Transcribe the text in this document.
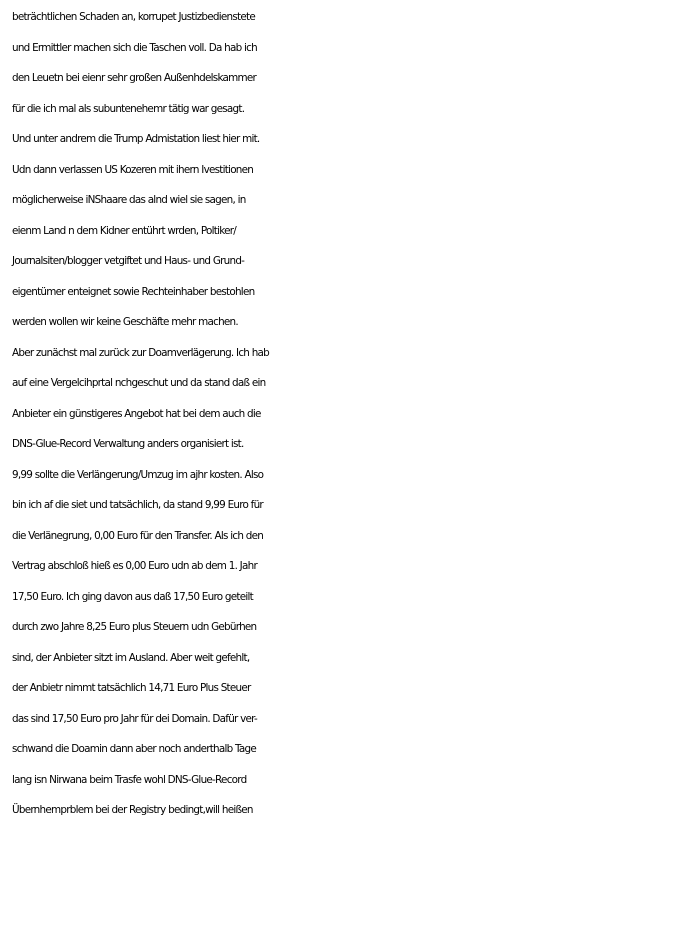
beträchtlichen Schaden an, korrupet Justizbedienstete
und Ermittler machen sich die Taschen voll. Da hab ich
den Leuetn bei eienr sehr großen Außenhdelskammer
für die ich mal als subuntenehemr tätig war gesagt.
Und unter andrem die Trump Admistation liest hier mit.
Udn dann verlassen US Kozeren mit ihern Ivestitionen
möglicherweise iNShaare das alnd wiel sie sagen, in
eienm Land n dem Kidner entührt wrden, Poltiker/
Journalsiten/blogger vetgiftet und Haus- und Grund-
eigentümer enteignet sowie Rechteinhaber bestohlen
werden wollen wir keine Geschäfte mehr machen.
Aber zunächst mal zurück zur Doamverlägerung. Ich hab
auf eine Vergelcihprtal nchgeschut und da stand daß ein
Anbieter ein günstigeres Angebot hat bei dem auch die
DNS-Glue-Record Verwaltung anders organisiert ist.
9,99 sollte die Verlängerung/Umzug im ajhr kosten. Also
bin ich af die siet und tatsächlich, da stand 9,99 Euro für
die Verlänegrung, 0,00 Euro für den Transfer. Als ich den
Vertrag abschloß hieß es 0,00 Euro udn ab dem 1. Jahr
17,50 Euro. Ich ging davon aus daß 17,50 Euro geteilt
durch zwo Jahre 8,25 Euro plus Steuern udn Gebürhen
sind, der Anbieter sitzt im Ausland. Aber weit gefehlt,
der Anbietr nimmt tatsächlich 14,71 Euro Plus Steuer
das sind 17,50 Euro pro Jahr für dei Domain. Dafür ver-
schwand die Doamin dann aber noch anderthalb Tage
lang isn Nirwana beim Trasfe wohl DNS-Glue-Record
Übernhemprblem bei der Registry bedingt,will heißen
